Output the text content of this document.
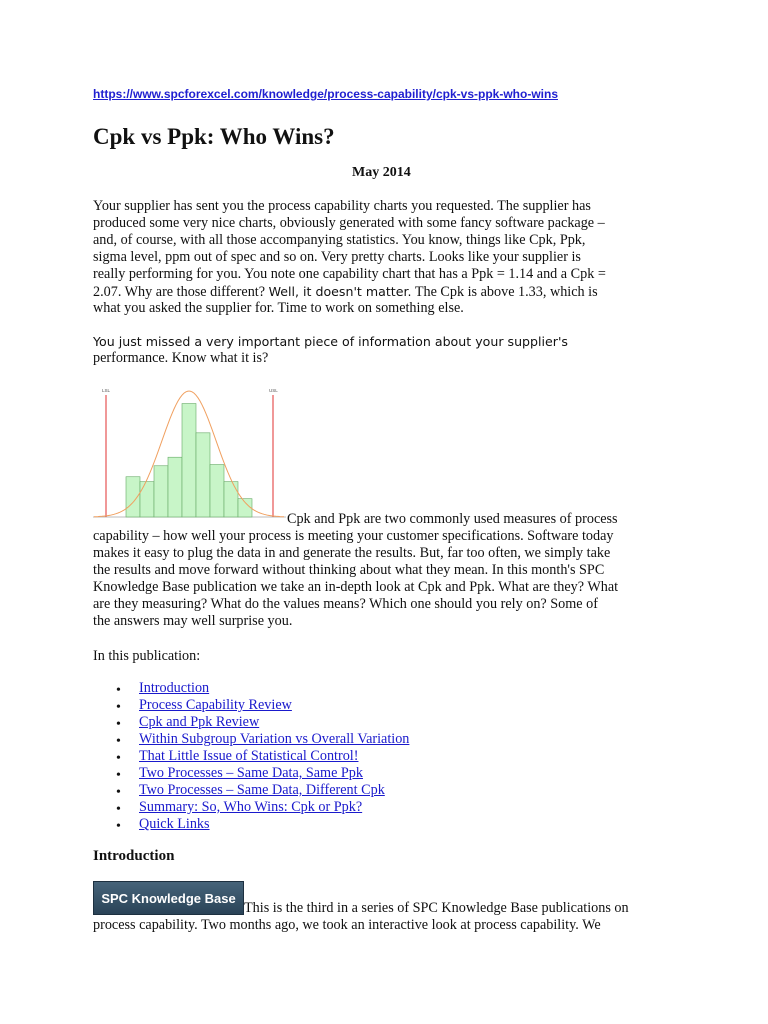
https://www.spcforexcel.com/knowledge/process-capability/cpk-vs-ppk-who-wins
Cpk vs Ppk: Who Wins?
May 2014
Your supplier has sent you the process capability charts you requested. The supplier has
produced some very nice charts, obviously generated with some fancy software package –
and, of course, with all those accompanying statistics. You know, things like Cpk, Ppk,
sigma level, ppm out of spec and so on. Very pretty charts. Looks like your supplier is
really performing for you. You note one capability chart that has a Ppk = 1.14 and a Cpk =
2.07. Why are those different? Well, it doesn't matter. The Cpk is above 1.33, which is
what you asked the supplier for. Time to work on something else.
You just missed a very important piece of information about your supplier's
performance. Know what it is?
LSL	USL
Cpk and Ppk are two commonly used measures of process
capability – how well your process is meeting your customer specifications. Software today
makes it easy to plug the data in and generate the results. But, far too often, we simply take
the results and move forward without thinking about what they mean. In this month's SPC
Knowledge Base publication we take an in-depth look at Cpk and Ppk. What are they? What
are they measuring? What do the values means? Which one should you rely on? Some of
the answers may well surprise you.
In this publication:
• Introduction
• Process Capability Review
• Cpk and Ppk Review
• Within Subgroup Variation vs Overall Variation
• That Little Issue of Statistical Control!
• Two Processes – Same Data, Same Ppk
• Two Processes – Same Data, Different Cpk
• Summary: So, Who Wins: Cpk or Ppk?
• Quick Links
Introduction
SPC Knowledge Base
This is the third in a series of SPC Knowledge Base publications on
process capability. Two months ago, we took an interactive look at process capability. We
